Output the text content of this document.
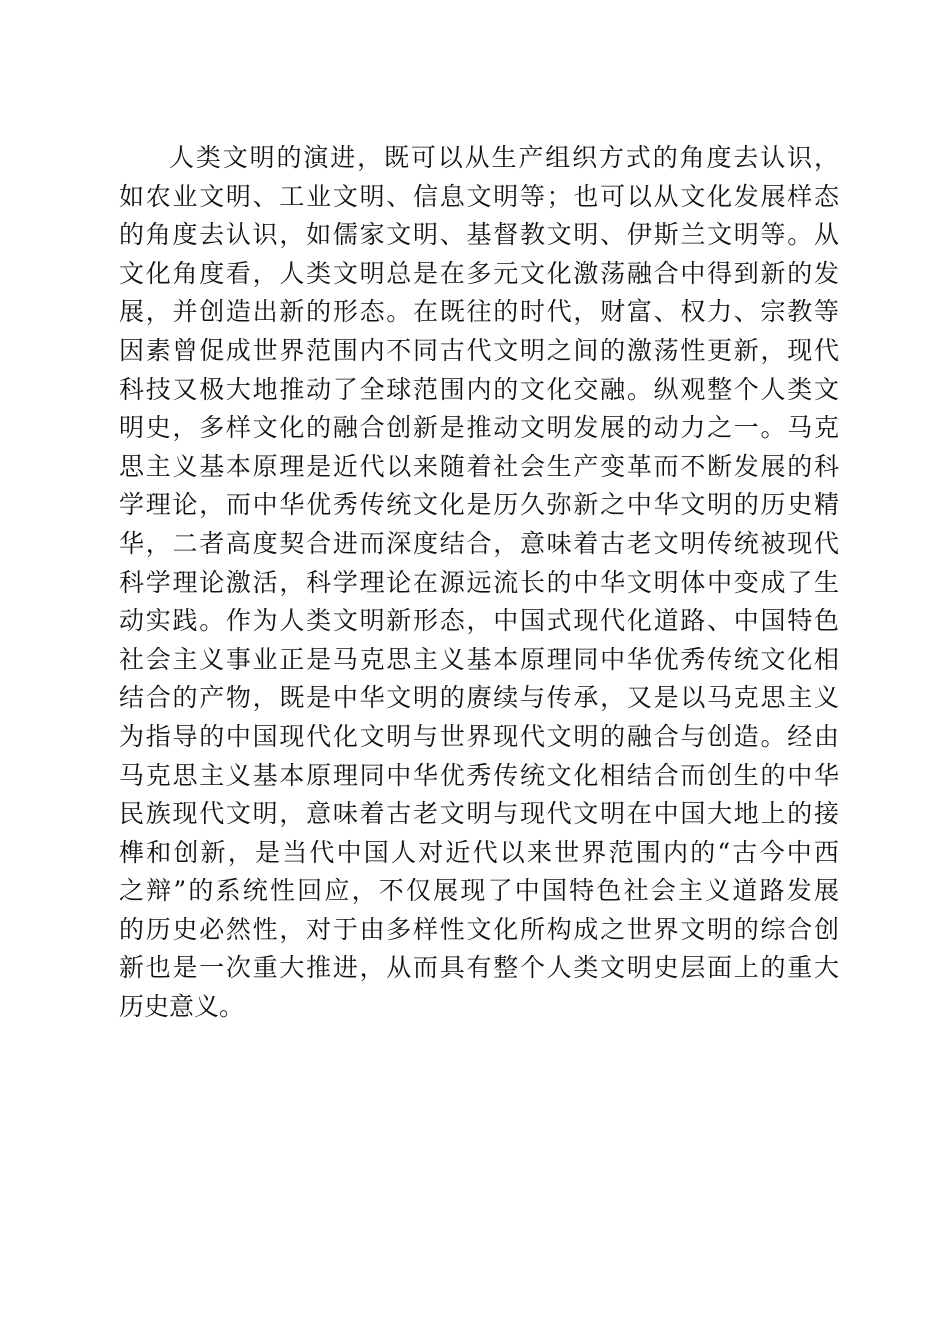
人类文明的演进，既可以从生产组织方式的角度去认识，
如农业文明、工业文明、信息文明等；也可以从文化发展样态
的角度去认识，如儒家文明、基督教文明、伊斯兰文明等。从
文化角度看，人类文明总是在多元文化激荡融合中得到新的发
展，并创造出新的形态。在既往的时代，财富、权力、宗教等
因素曾促成世界范围内不同古代文明之间的激荡性更新，现代
科技又极大地推动了全球范围内的文化交融。纵观整个人类文
明史，多样文化的融合创新是推动文明发展的动力之一。马克
思主义基本原理是近代以来随着社会生产变革而不断发展的科
学理论，而中华优秀传统文化是历久弥新之中华文明的历史精
华，二者高度契合进而深度结合，意味着古老文明传统被现代
科学理论激活，科学理论在源远流长的中华文明体中变成了生
动实践。作为人类文明新形态，中国式现代化道路、中国特色
社会主义事业正是马克思主义基本原理同中华优秀传统文化相
结合的产物，既是中华文明的赓续与传承，又是以马克思主义
为指导的中国现代化文明与世界现代文明的融合与创造。经由
马克思主义基本原理同中华优秀传统文化相结合而创生的中华
民族现代文明，意味着古老文明与现代文明在中国大地上的接
榫和创新，是当代中国人对近代以来世界范围内的“古今中西
之辩”的系统性回应，不仅展现了中国特色社会主义道路发展
的历史必然性，对于由多样性文化所构成之世界文明的综合创
新也是一次重大推进，从而具有整个人类文明史层面上的重大
历史意义。
